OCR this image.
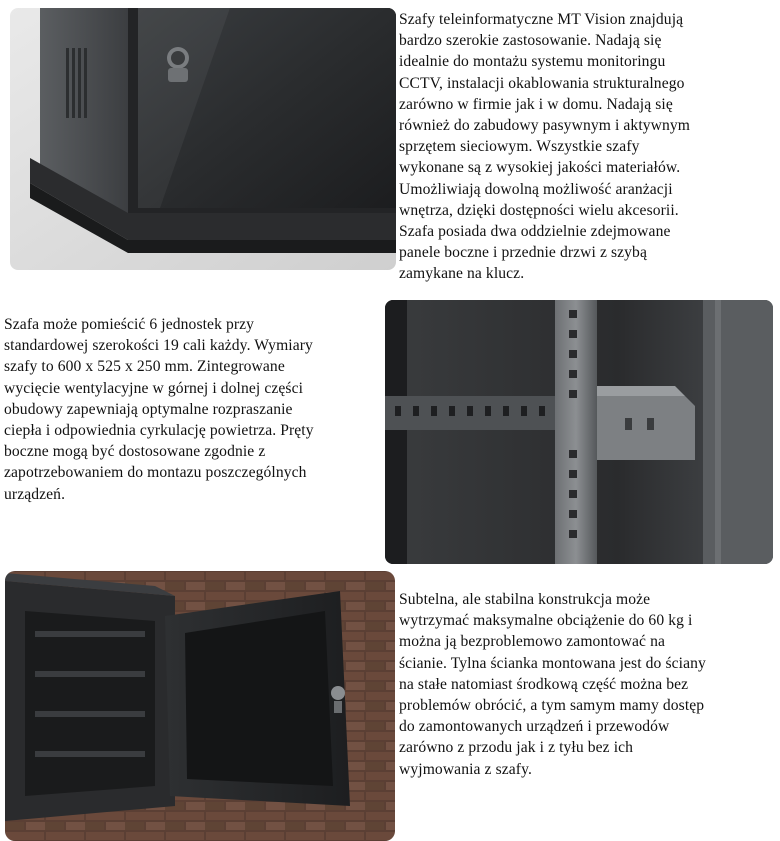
Szafy teleinformatyczne MT Vision znajdują
bardzo szerokie zastosowanie. Nadają się
idealnie do montażu systemu monitoringu
CCTV, instalacji okablowania strukturalnego
zarówno w firmie jak i w domu. Nadają się
również do zabudowy pasywnym i aktywnym
sprzętem sieciowym. Wszystkie szafy
wykonane są z wysokiej jakości materiałów.
Umożliwiają dowolną możliwość aranżacji
wnętrza, dzięki dostępności wielu akcesorii.
Szafa posiada dwa oddzielnie zdejmowane
panele boczne i przednie drzwi z szybą
zamykane na klucz.
Szafa może pomieścić 6 jednostek przy
standardowej szerokości 19 cali każdy. Wymiary
szafy to 600 x 525 x 250 mm. Zintegrowane
wycięcie wentylacyjne w górnej i dolnej części
obudowy zapewniają optymalne rozpraszanie
ciepła i odpowiednia cyrkulację powietrza. Pręty
boczne mogą być dostosowane zgodnie z
zapotrzebowaniem do montazu poszczególnych
urządzeń.
Subtelna, ale stabilna konstrukcja może
wytrzymać maksymalne obciążenie do 60 kg i
można ją bezproblemowo zamontować na
ścianie. Tylna ścianka montowana jest do ściany
na stałe natomiast środkową część można bez
problemów obrócić, a tym samym mamy dostęp
do zamontowanych urządzeń i przewodów
zarówno z przodu jak i z tyłu bez ich
wyjmowania z szafy.
